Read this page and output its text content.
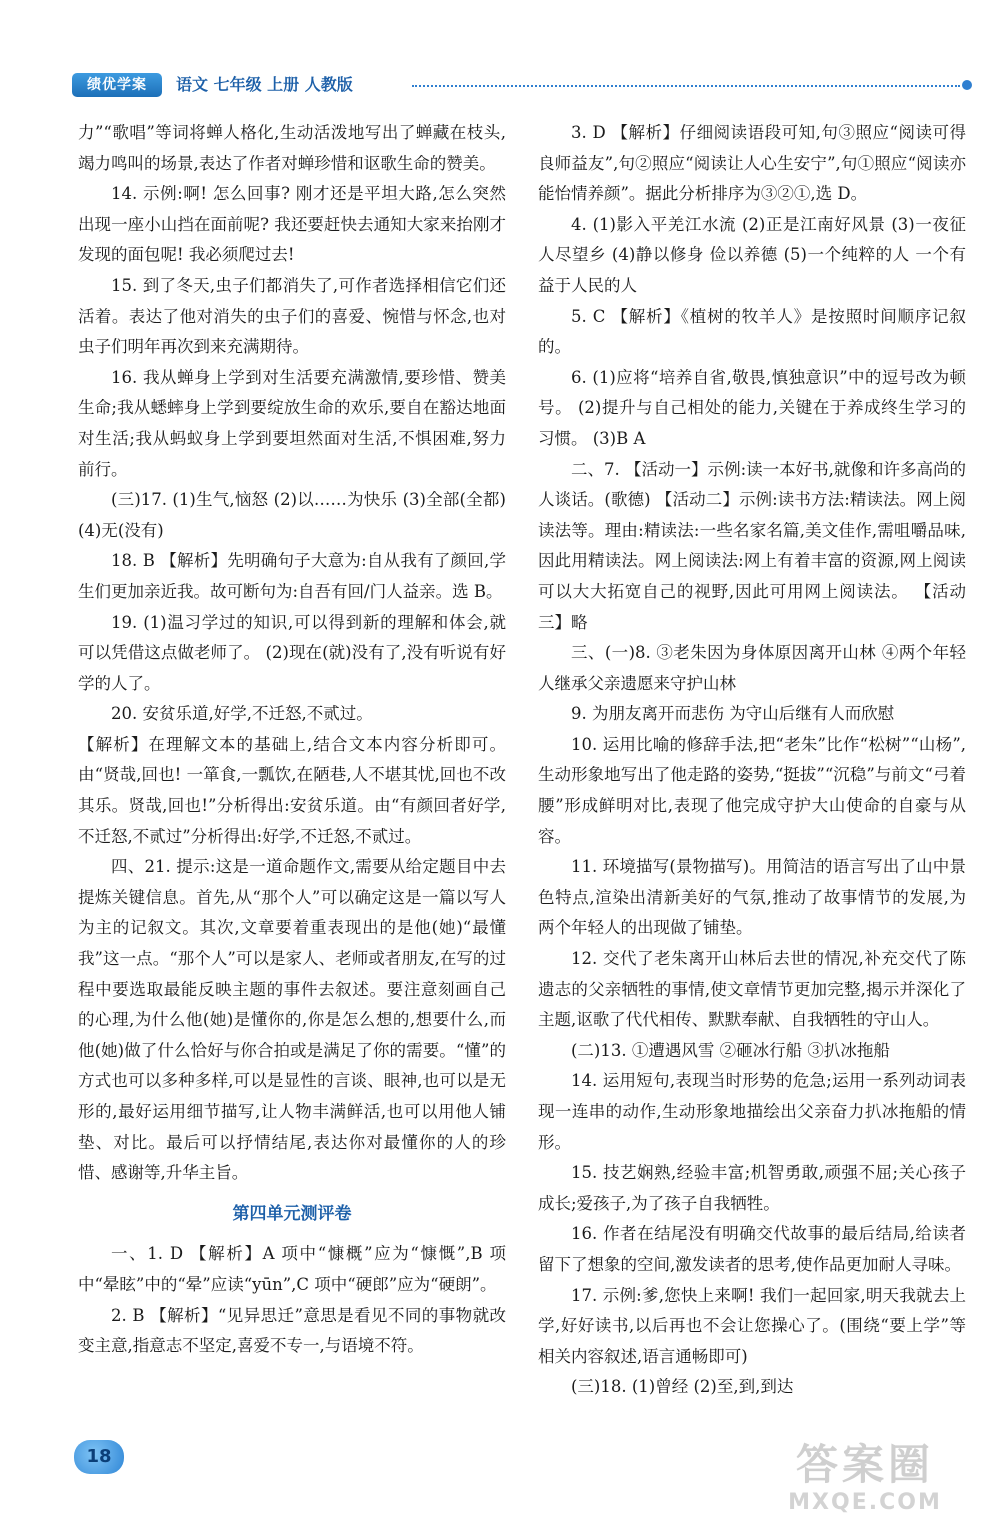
绩优学案	语文 七年级 上册 人教版

力”“歌唱”等词将蝉人格化,生动活泼地写出了蝉藏在枝头,竭力鸣叫的场景,表达了作者对蝉珍惜和讴歌生命的赞美。

14. 示例:啊! 怎么回事? 刚才还是平坦大路,怎么突然出现一座小山挡在面前呢? 我还要赶快去通知大家来抬刚才发现的面包呢! 我必须爬过去!

15. 到了冬天,虫子们都消失了,可作者选择相信它们还活着。表达了他对消失的虫子们的喜爱、惋惜与怀念,也对虫子们明年再次到来充满期待。

16. 我从蝉身上学到对生活要充满激情,要珍惜、赞美生命;我从蟋蟀身上学到要绽放生命的欢乐,要自在豁达地面对生活;我从蚂蚁身上学到要坦然面对生活,不惧困难,努力前行。

(三)17. (1)生气,恼怒 (2)以……为快乐 (3)全部(全都) (4)无(没有)

18. B 【解析】先明确句子大意为:自从我有了颜回,学生们更加亲近我。故可断句为:自吾有回/门人益亲。选 B。

19. (1)温习学过的知识,可以得到新的理解和体会,就可以凭借这点做老师了。 (2)现在(就)没有了,没有听说有好学的人了。

20. 安贫乐道,好学,不迁怒,不贰过。

【解析】在理解文本的基础上,结合文本内容分析即可。由“贤哉,回也! 一箪食,一瓢饮,在陋巷,人不堪其忧,回也不改其乐。贤哉,回也!”分析得出:安贫乐道。由“有颜回者好学,不迁怒,不贰过”分析得出:好学,不迁怒,不贰过。

四、21. 提示:这是一道命题作文,需要从给定题目中去提炼关键信息。首先,从“那个人”可以确定这是一篇以写人为主的记叙文。其次,文章要着重表现出的是他(她)“最懂我”这一点。“那个人”可以是家人、老师或者朋友,在写的过程中要选取最能反映主题的事件去叙述。要注意刻画自己的心理,为什么他(她)是懂你的,你是怎么想的,想要什么,而他(她)做了什么恰好与你合拍或是满足了你的需要。“懂”的方式也可以多种多样,可以是显性的言谈、眼神,也可以是无形的,最好运用细节描写,让人物丰满鲜活,也可以用他人铺垫、对比。最后可以抒情结尾,表达你对最懂你的人的珍惜、感谢等,升华主旨。

第四单元测评卷

一、1. D 【解析】A 项中“慷概”应为“慷慨”,B 项中“晕眩”中的“晕”应读“yūn”,C 项中“硬郎”应为“硬朗”。

2. B 【解析】“见异思迁”意思是看见不同的事物就改变主意,指意志不坚定,喜爱不专一,与语境不符。

3. D 【解析】仔细阅读语段可知,句③照应“阅读可得良师益友”,句②照应“阅读让人心生安宁”,句①照应“阅读亦能怡情养颜”。据此分析排序为③②①,选 D。

4. (1)影入平羌江水流 (2)正是江南好风景 (3)一夜征人尽望乡 (4)静以修身 俭以养德 (5)一个纯粹的人 一个有益于人民的人

5. C 【解析】《植树的牧羊人》是按照时间顺序记叙的。

6. (1)应将“培养自省,敬畏,慎独意识”中的逗号改为顿号。 (2)提升与自己相处的能力,关键在于养成终生学习的习惯。 (3)B A

二、7. 【活动一】示例:读一本好书,就像和许多高尚的人谈话。(歌德) 【活动二】示例:读书方法:精读法。网上阅读法等。理由:精读法:一些名家名篇,美文佳作,需咀嚼品味,因此用精读法。网上阅读法:网上有着丰富的资源,网上阅读可以大大拓宽自己的视野,因此可用网上阅读法。 【活动三】略

三、(一)8. ③老朱因为身体原因离开山林 ④两个年轻人继承父亲遗愿来守护山林

9. 为朋友离开而悲伤 为守山后继有人而欣慰

10. 运用比喻的修辞手法,把“老朱”比作“松树”“山杨”,生动形象地写出了他走路的姿势,“挺拔”“沉稳”与前文“弓着腰”形成鲜明对比,表现了他完成守护大山使命的自豪与从容。

11. 环境描写(景物描写)。用简洁的语言写出了山中景色特点,渲染出清新美好的气氛,推动了故事情节的发展,为两个年轻人的出现做了铺垫。

12. 交代了老朱离开山林后去世的情况,补充交代了陈遗志的父亲牺牲的事情,使文章情节更加完整,揭示并深化了主题,讴歌了代代相传、默默奉献、自我牺牲的守山人。

(二)13. ①遭遇风雪 ②砸冰行船 ③扒冰拖船

14. 运用短句,表现当时形势的危急;运用一系列动词表现一连串的动作,生动形象地描绘出父亲奋力扒冰拖船的情形。

15. 技艺娴熟,经验丰富;机智勇敢,顽强不屈;关心孩子成长;爱孩子,为了孩子自我牺牲。

16. 作者在结尾没有明确交代故事的最后结局,给读者留下了想象的空间,激发读者的思考,使作品更加耐人寻味。

17. 示例:爹,您快上来啊! 我们一起回家,明天我就去上学,好好读书,以后再也不会让您操心了。(围绕“要上学”等相关内容叙述,语言通畅即可)

(三)18. (1)曾经 (2)至,到,到达

18	答案圈
MXQE.COM
